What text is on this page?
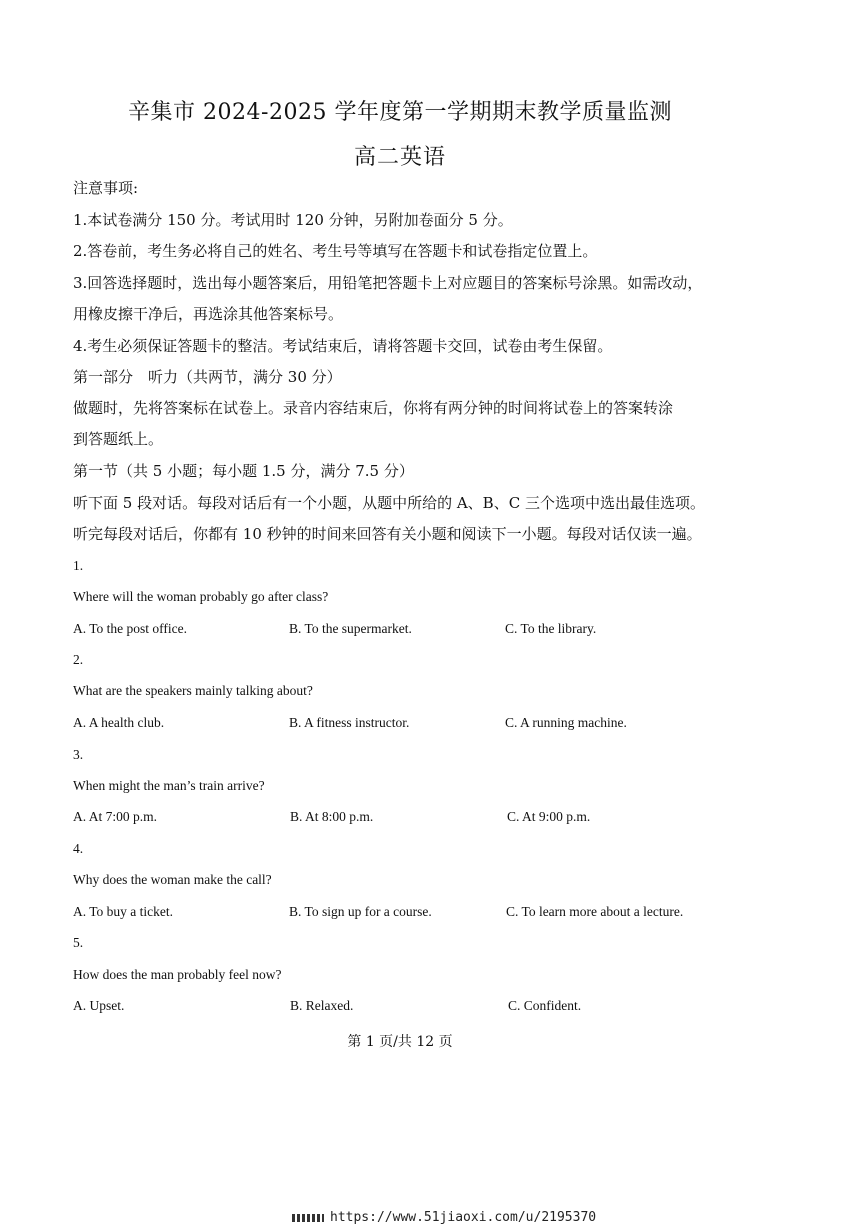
辛集市 2024-2025 学年度第一学期期末教学质量监测
高二英语
注意事项:
1.本试卷满分 150 分。考试用时 120 分钟，另附加卷面分 5 分。
2.答卷前，考生务必将自己的姓名、考生号等填写在答题卡和试卷指定位置上。
3.回答选择题时，选出每小题答案后，用铅笔把答题卡上对应题目的答案标号涂黑。如需改动，
用橡皮擦干净后，再选涂其他答案标号。
4.考生必须保证答题卡的整洁。考试结束后，请将答题卡交回，试卷由考生保留。
第一部分　听力（共两节，满分 30 分）
做题时，先将答案标在试卷上。录音内容结束后，你将有两分钟的时间将试卷上的答案转涂
到答题纸上。
第一节（共 5 小题；每小题 1.5 分，满分 7.5 分）
听下面 5 段对话。每段对话后有一个小题，从题中所给的 A、B、C 三个选项中选出最佳选项。
听完每段对话后，你都有 10 秒钟的时间来回答有关小题和阅读下一小题。每段对话仅读一遍。
1.
Where will the woman probably go after class?
A. To the post office.	B. To the supermarket.	C. To the library.
2.
What are the speakers mainly talking about?
A. A health club.	B. A fitness instructor.	C. A running machine.
3.
When might the man’s train arrive?
A. At 7:00 p.m.	B. At 8:00 p.m.	C. At 9:00 p.m.
4.
Why does the woman make the call?
A. To buy a ticket.	B. To sign up for a course.	C. To learn more about a lecture.
5.
How does the man probably feel now?
A. Upset.	B. Relaxed.	C. Confident.
第 1 页/共 12 页
https://www.51jiaoxi.com/u/2195370
